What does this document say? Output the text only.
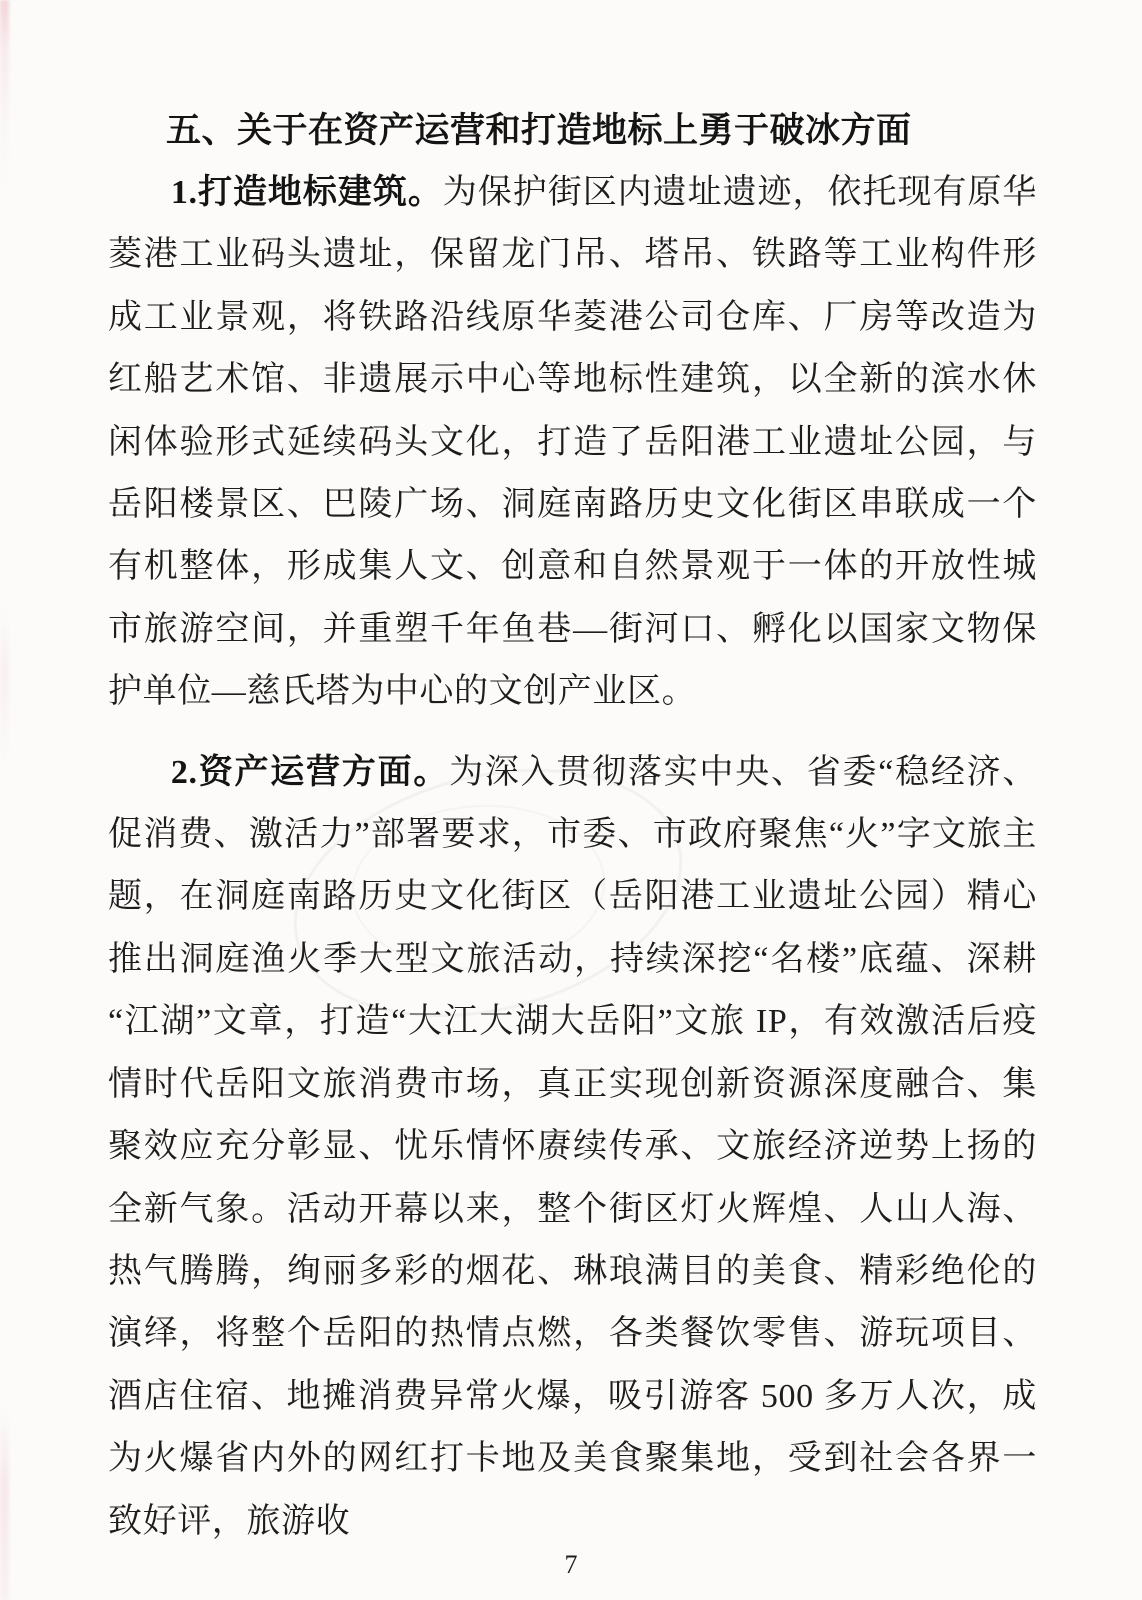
五、关于在资产运营和打造地标上勇于破冰方面

1.打造地标建筑。为保护街区内遗址遗迹，依托现有原华菱港工业码头遗址，保留龙门吊、塔吊、铁路等工业构件形成工业景观，将铁路沿线原华菱港公司仓库、厂房等改造为红船艺术馆、非遗展示中心等地标性建筑，以全新的滨水休闲体验形式延续码头文化，打造了岳阳港工业遗址公园，与岳阳楼景区、巴陵广场、洞庭南路历史文化街区串联成一个有机整体，形成集人文、创意和自然景观于一体的开放性城市旅游空间，并重塑千年鱼巷—街河口、孵化以国家文物保护单位—慈氏塔为中心的文创产业区。

2.资产运营方面。为深入贯彻落实中央、省委“稳经济、促消费、激活力”部署要求，市委、市政府聚焦“火”字文旅主题，在洞庭南路历史文化街区（岳阳港工业遗址公园）精心推出洞庭渔火季大型文旅活动，持续深挖“名楼”底蕴、深耕“江湖”文章，打造“大江大湖大岳阳”文旅 IP，有效激活后疫情时代岳阳文旅消费市场，真正实现创新资源深度融合、集聚效应充分彰显、忧乐情怀赓续传承、文旅经济逆势上扬的全新气象。活动开幕以来，整个街区灯火辉煌、人山人海、热气腾腾，绚丽多彩的烟花、琳琅满目的美食、精彩绝伦的演绎，将整个岳阳的热情点燃，各类餐饮零售、游玩项目、酒店住宿、地摊消费异常火爆，吸引游客 500 多万人次，成为火爆省内外的网红打卡地及美食聚集地，受到社会各界一致好评，旅游收

7
